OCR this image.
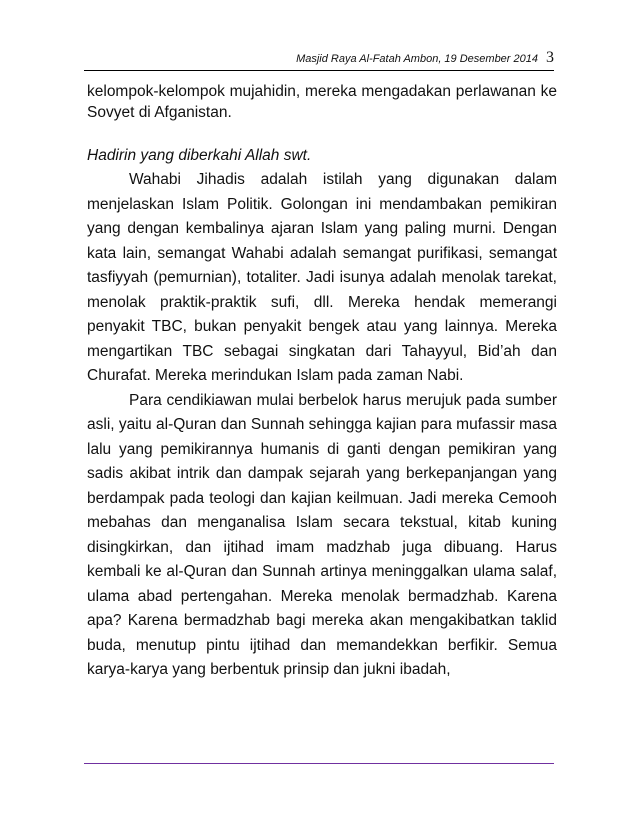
Masjid Raya Al-Fatah Ambon, 19 Desember 2014 3

kelompok-kelompok mujahidin, mereka mengadakan perlawanan ke Sovyet di Afganistan.

Hadirin yang diberkahi Allah swt.

Wahabi Jihadis adalah istilah yang digunakan dalam menjelaskan Islam Politik. Golongan ini mendambakan pemikiran yang dengan kembalinya ajaran Islam yang paling murni. Dengan kata lain, semangat Wahabi adalah semangat purifikasi, semangat tasfiyyah (pemurnian), totaliter. Jadi isunya adalah menolak tarekat, menolak praktik-praktik sufi, dll. Mereka hendak memerangi penyakit TBC, bukan penyakit bengek atau yang lainnya. Mereka mengartikan TBC sebagai singkatan dari Tahayyul, Bid’ah dan Churafat. Mereka merindukan Islam pada zaman Nabi.

Para cendikiawan mulai berbelok harus merujuk pada sumber asli, yaitu al-Quran dan Sunnah sehingga kajian para mufassir masa lalu yang pemikirannya humanis di ganti dengan pemikiran yang sadis akibat intrik dan dampak sejarah yang berkepanjangan yang berdampak pada teologi dan kajian keilmuan. Jadi mereka Cemooh mebahas dan menganalisa Islam secara tekstual, kitab kuning disingkirkan, dan ijtihad imam madzhab juga dibuang. Harus kembali ke al-Quran dan Sunnah artinya meninggalkan ulama salaf, ulama abad pertengahan. Mereka menolak bermadzhab. Karena apa? Karena bermadzhab bagi mereka akan mengakibatkan taklid buda, menutup pintu ijtihad dan memandekkan berfikir. Semua karya-karya yang berbentuk prinsip dan jukni ibadah,
